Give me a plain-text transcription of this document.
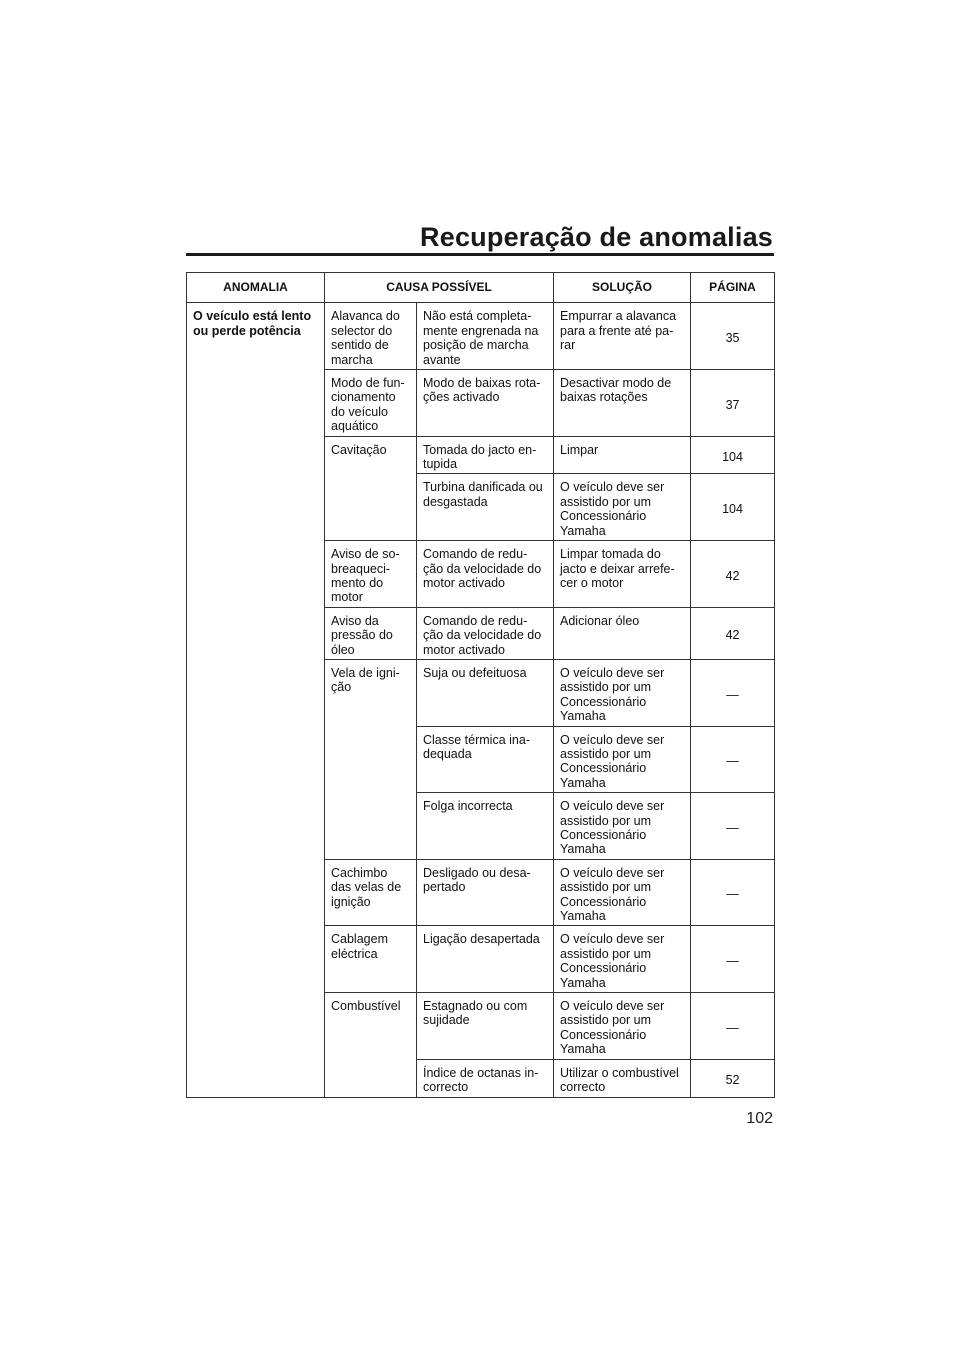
Recuperação de anomalias
ANOMALIA	CAUSA POSSÍVEL		SOLUÇÃO	PÁGINA

O veículo está lento
ou perde potência	Alavanca do
selector do
sentido de
marcha	Não está completa-
mente engrenada na
posição de marcha
avante	Empurrar a alavanca
para a frente até pa-
rar	35

	Modo de fun-
cionamento
do veículo
aquático	Modo de baixas rota-
ções activado	Desactivar modo de
baixas rotações	37

	Cavitação	Tomada do jacto en-
tupida	Limpar	104

		Turbina danificada ou
desgastada	O veículo deve ser
assistido por um
Concessionário
Yamaha	104

	Aviso de so-
breaqueci-
mento do
motor	Comando de redu-
ção da velocidade do
motor activado	Limpar tomada do
jacto e deixar arrefe-
cer o motor	42

	Aviso da
pressão do
óleo	Comando de redu-
ção da velocidade do
motor activado	Adicionar óleo	42

	Vela de igni-
ção	Suja ou defeituosa	O veículo deve ser
assistido por um
Concessionário
Yamaha	—

		Classe térmica ina-
dequada	O veículo deve ser
assistido por um
Concessionário
Yamaha	—

		Folga incorrecta	O veículo deve ser
assistido por um
Concessionário
Yamaha	—

	Cachimbo
das velas de
ignição	Desligado ou desa-
pertado	O veículo deve ser
assistido por um
Concessionário
Yamaha	—

	Cablagem
eléctrica	Ligação desapertada	O veículo deve ser
assistido por um
Concessionário
Yamaha	—

	Combustível	Estagnado ou com
sujidade	O veículo deve ser
assistido por um
Concessionário
Yamaha	—

		Índice de octanas in-
correcto	Utilizar o combustível
correcto	52

102
